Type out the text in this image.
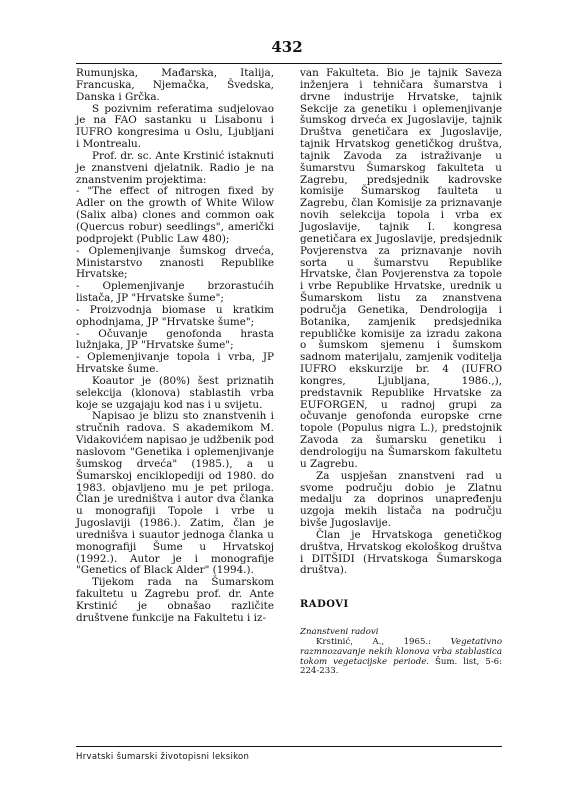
432

Rumunjska, Mađarska, Italija, Francuska, Njemačka, Švedska, Danska i Grčka.

S pozivnim referatima sudjelovao je na FAO sastanku u Lisabonu i IUFRO kongresima u Oslu, Ljubljani i Montrealu.

Prof. dr. sc. Ante Krstinić istaknuti je znanstveni djelatnik. Radio je na znanstvenim projektima:

- "The effect of nitrogen fixed by Adler on the growth of White Wilow (Salix alba) clones and common oak (Quercus robur) seedlings", američki podprojekt (Public Law 480);

- Oplemenjivanje šumskog drveća, Ministarstvo znanosti Republike Hrvatske;

- Oplemenjivanje brzorastućih listača, JP "Hrvatske šume";

- Proizvodnja biomase u kratkim ophodnjama, JP "Hrvatske šume";

- Očuvanje genofonda hrasta lužnjaka, JP "Hrvatske šume";

- Oplemenjivanje topola i vrba, JP Hrvatske šume.

Koautor je (80%) šest priznatih selekcija (klonova) stablastih vrba koje se uzgajaju kod nas i u svijetu.

Napisao je blizu sto znanstvenih i stručnih radova. S akademikom M. Vidakovićem napisao je udžbenik pod naslovom "Genetika i oplemenjivanje šumskog drveća" (1985.), a u Šumarskoj enciklopediji od 1980. do 1983. objavljeno mu je pet priloga. Član je uredništva i autor dva članka u monografiji Topole i vrbe u Jugoslaviji (1986.). Zatim, član je urednišva i suautor jednoga članka u monografiji Šume u Hrvatskoj (1992.). Autor je i monografije "Genetics of Black Alder" (1994.).

Tijekom rada na Šumarskom fakultetu u Zagrebu prof. dr. Ante Krstinić je obnašao različite društvene funkcije na Fakultetu i iz-

van Fakulteta. Bio je tajnik Saveza inženjera i tehničara šumarstva i drvne industrije Hrvatske, tajnik Sekcije za genetiku i oplemenjivanje šumskog drveća ex Jugoslavije, tajnik Društva genetičara ex Jugoslavije, tajnik Hrvatskog genetičkog društva, tajnik Zavoda za istraživanje u šumarstvu Šumarskog fakulteta u Zagrebu, predsjednik kadrovske komisije Šumarskog faulteta u Zagrebu, član Komisije za priznavanje novih selekcija topola i vrba ex Jugoslavije, tajnik I. kongresa genetičara ex Jugoslavije, predsjednik Povjerenstva za priznavanje novih sorta u šumarstvu Republike Hrvatske, član Povjerenstva za topole i vrbe Republike Hrvatske, urednik u Šumarskom listu za znanstvena područja Genetika, Dendrologija i Botanika, zamjenik predsjednika republičke komisije za izradu zakona o šumskom sjemenu i šumskom sadnom materijalu, zamjenik voditelja IUFRO ekskurzije br. 4 (IUFRO kongres, Ljubljana, 1986.,), predstavnik Republike Hrvatske za EUFORGEN, u radnoj grupi za očuvanje genofonda europske crne topole (Populus nigra L.), predstojnik Zavoda za šumarsku genetiku i dendrologiju na Šumarskom fakultetu u Zagrebu.

Za uspješan znanstveni rad u svome području dobio je Zlatnu medalju za doprinos unapređenju uzgoja mekih listača na području bivše Jugoslavije.

Član je Hrvatskoga genetičkog društva, Hrvatskog ekološkog društva i DITŠIDI (Hrvatskoga Šumarskoga društva).

RADOVI

Znanstveni radovi

Krstinić, A., 1965.: Vegetativno razmnozavanje nekih klonova vrba stablastica tokom vegetacijske periode. Šum. list, 5-6: 224-233.

Hrvatski šumarski životopisni leksikon
